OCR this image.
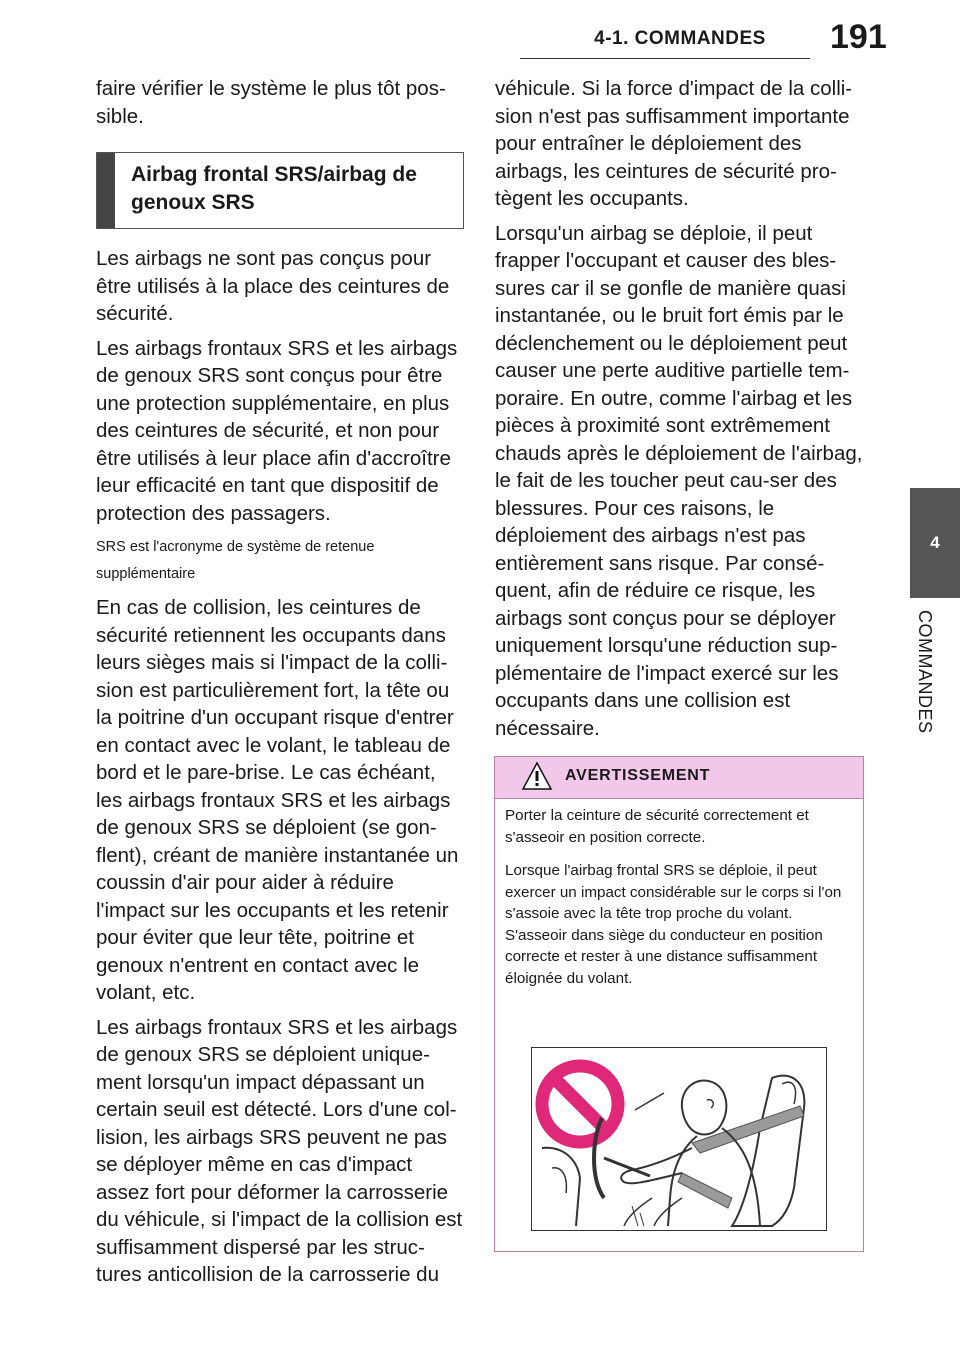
4-1. COMMANDES	191
4
COMMANDES

faire vérifier le système le plus tôt pos-sible.

Airbag frontal SRS/airbag de genoux SRS

Les airbags ne sont pas conçus pour être utilisés à la place des ceintures de sécurité.

Les airbags frontaux SRS et les airbags de genoux SRS sont conçus pour être une protection supplémentaire, en plus des ceintures de sécurité, et non pour être utilisés à leur place afin d'accroître leur efficacité en tant que dispositif de protection des passagers.

SRS est l'acronyme de système de retenue supplémentaire

En cas de collision, les ceintures de sécurité retiennent les occupants dans leurs sièges mais si l'impact de la colli-sion est particulièrement fort, la tête ou la poitrine d'un occupant risque d'entrer en contact avec le volant, le tableau de bord et le pare-brise. Le cas échéant, les airbags frontaux SRS et les airbags de genoux SRS se déploient (se gon-flent), créant de manière instantanée un coussin d'air pour aider à réduire l'impact sur les occupants et les retenir pour éviter que leur tête, poitrine et genoux n'entrent en contact avec le volant, etc.

Les airbags frontaux SRS et les airbags de genoux SRS se déploient unique-ment lorsqu'un impact dépassant un certain seuil est détecté. Lors d'une col-lision, les airbags SRS peuvent ne pas se déployer même en cas d'impact assez fort pour déformer la carrosserie du véhicule, si l'impact de la collision est suffisamment dispersé par les struc-tures anticollision de la carrosserie du

véhicule. Si la force d'impact de la colli-sion n'est pas suffisamment importante pour entraîner le déploiement des airbags, les ceintures de sécurité pro-tègent les occupants.

Lorsqu'un airbag se déploie, il peut frapper l'occupant et causer des bles-sures car il se gonfle de manière quasi instantanée, ou le bruit fort émis par le déclenchement ou le déploiement peut causer une perte auditive partielle tem-poraire. En outre, comme l'airbag et les pièces à proximité sont extrêmement chauds après le déploiement de l'airbag, le fait de les toucher peut cau-ser des blessures. Pour ces raisons, le déploiement des airbags n'est pas entièrement sans risque. Par consé-quent, afin de réduire ce risque, les airbags sont conçus pour se déployer uniquement lorsqu'une réduction sup-plémentaire de l'impact exercé sur les occupants dans une collision est nécessaire.

AVERTISSEMENT

Porter la ceinture de sécurité correctement et s'asseoir en position correcte.

Lorsque l'airbag frontal SRS se déploie, il peut exercer un impact considérable sur le corps si l'on s'assoie avec la tête trop proche du volant. S'asseoir dans siège du conducteur en position correcte et rester à une distance suffisamment éloignée du volant.
